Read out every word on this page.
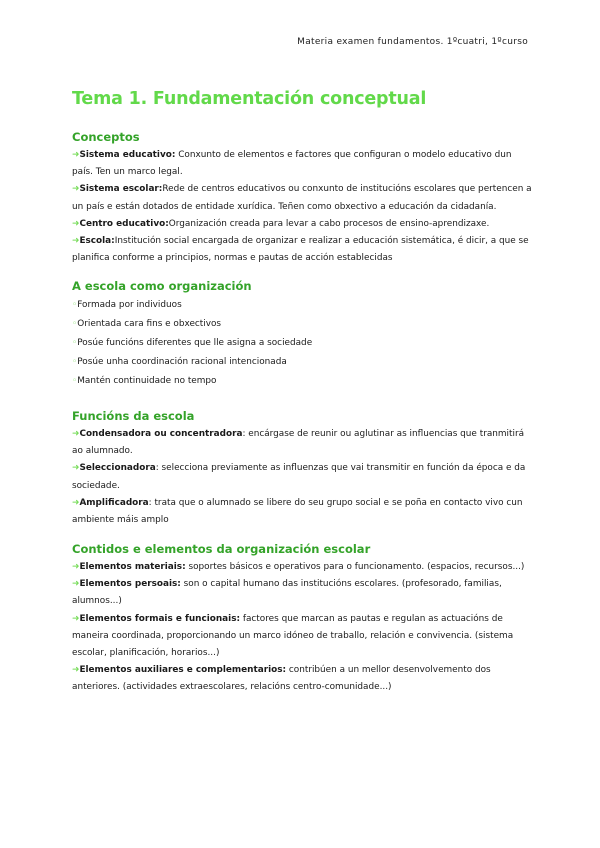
Materia examen fundamentos. 1ºcuatri, 1ºcurso
Tema 1. Fundamentación conceptual
Conceptos

➜Sistema educativo: Conxunto de elementos e factores que configuran o modelo educativo dun país. Ten un marco legal.

➜Sistema escolar:Rede de centros educativos ou conxunto de institucións escolares que pertencen a un país e están dotados de entidade xurídica. Teñen como obxectivo a educación da cidadanía.

➜Centro educativo:Organización creada para levar a cabo procesos de ensino-aprendizaxe.

➜Escola:Institución social encargada de organizar e realizar a educación sistemática, é dicir, a que se planifica conforme a principios, normas e pautas de acción establecidas

A escola como organización

◦Formada por individuos

◦Orientada cara fins e obxectivos

◦Posúe funcións diferentes que lle asigna a sociedade

◦Posúe unha coordinación racional intencionada

◦Mantén continuidade no tempo

Funcións da escola

➜Condensadora ou concentradora: encárgase de reunir ou aglutinar as influencias que tranmitirá ao alumnado.

➜Seleccionadora: selecciona previamente as influenzas que vai transmitir en función da época e da sociedade.

➜Amplificadora: trata que o alumnado se libere do seu grupo social e se poña en contacto vivo cun ambiente máis amplo

Contidos e elementos da organización escolar

➜Elementos materiais: soportes básicos e operativos para o funcionamento. (espacios, recursos...)

➜Elementos persoais: son o capital humano das institucións escolares. (profesorado, familias, alumnos...)

➜Elementos formais e funcionais: factores que marcan as pautas e regulan as actuacións de maneira coordinada, proporcionando un marco idóneo de traballo, relación e convivencia. (sistema escolar, planificación, horarios...)

➜Elementos auxiliares e complementarios: contribúen a un mellor desenvolvemento dos anteriores. (actividades extraescolares, relacións centro-comunidade...)
